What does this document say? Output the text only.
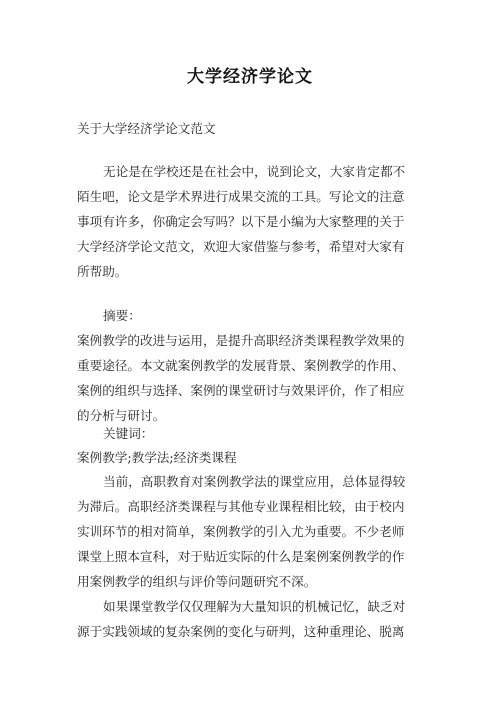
大学经济学论文
关于大学经济学论文范文
无论是在学校还是在社会中，说到论文，大家肯定都不
陌生吧，论文是学术界进行成果交流的工具。写论文的注意
事项有许多，你确定会写吗？以下是小编为大家整理的关于
大学经济学论文范文，欢迎大家借鉴与参考，希望对大家有
所帮助。
摘要：
案例教学的改进与运用，是提升高职经济类课程教学效果的
重要途径。本文就案例教学的发展背景、案例教学的作用、
案例的组织与选择、案例的课堂研讨与效果评价，作了相应
的分析与研讨。
关键词：
案例教学;教学法;经济类课程
当前，高职教育对案例教学法的课堂应用，总体显得较
为滞后。高职经济类课程与其他专业课程相比较，由于校内
实训环节的相对简单，案例教学的引入尤为重要。不少老师
课堂上照本宣科，对于贴近实际的什么是案例案例教学的作
用案例教学的组织与评价等问题研究不深。
如果课堂教学仅仅理解为大量知识的机械记忆，缺乏对
源于实践领域的复杂案例的变化与研判，这种重理论、脱离
